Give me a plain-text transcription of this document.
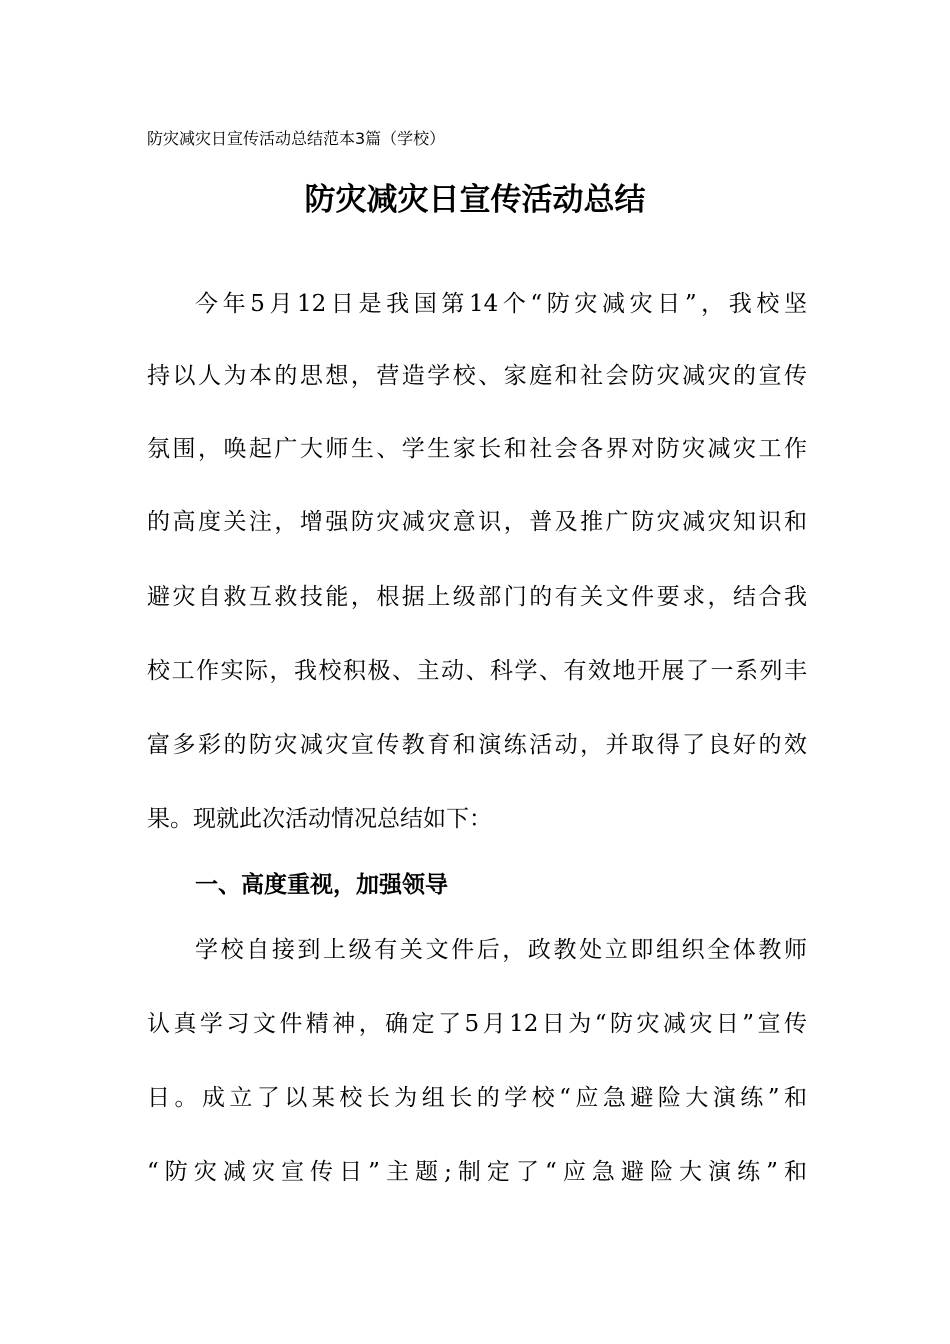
防灾减灾日宣传活动总结范本3篇（学校）
防灾减灾日宣传活动总结
今年5月12日是我国第14个“防灾减灾日”，我校坚
持以人为本的思想，营造学校、家庭和社会防灾减灾的宣传
氛围，唤起广大师生、学生家长和社会各界对防灾减灾工作
的高度关注，增强防灾减灾意识，普及推广防灾减灾知识和
避灾自救互救技能，根据上级部门的有关文件要求，结合我
校工作实际，我校积极、主动、科学、有效地开展了一系列丰
富多彩的防灾减灾宣传教育和演练活动，并取得了良好的效
果。现就此次活动情况总结如下：
一、高度重视，加强领导
学校自接到上级有关文件后，政教处立即组织全体教师
认真学习文件精神，确定了5月12日为“防灾减灾日”宣传
日。成立了以某校长为组长的学校“应急避险大演练”和
“防灾减灾宣传日”主题;制定了“应急避险大演练”和
